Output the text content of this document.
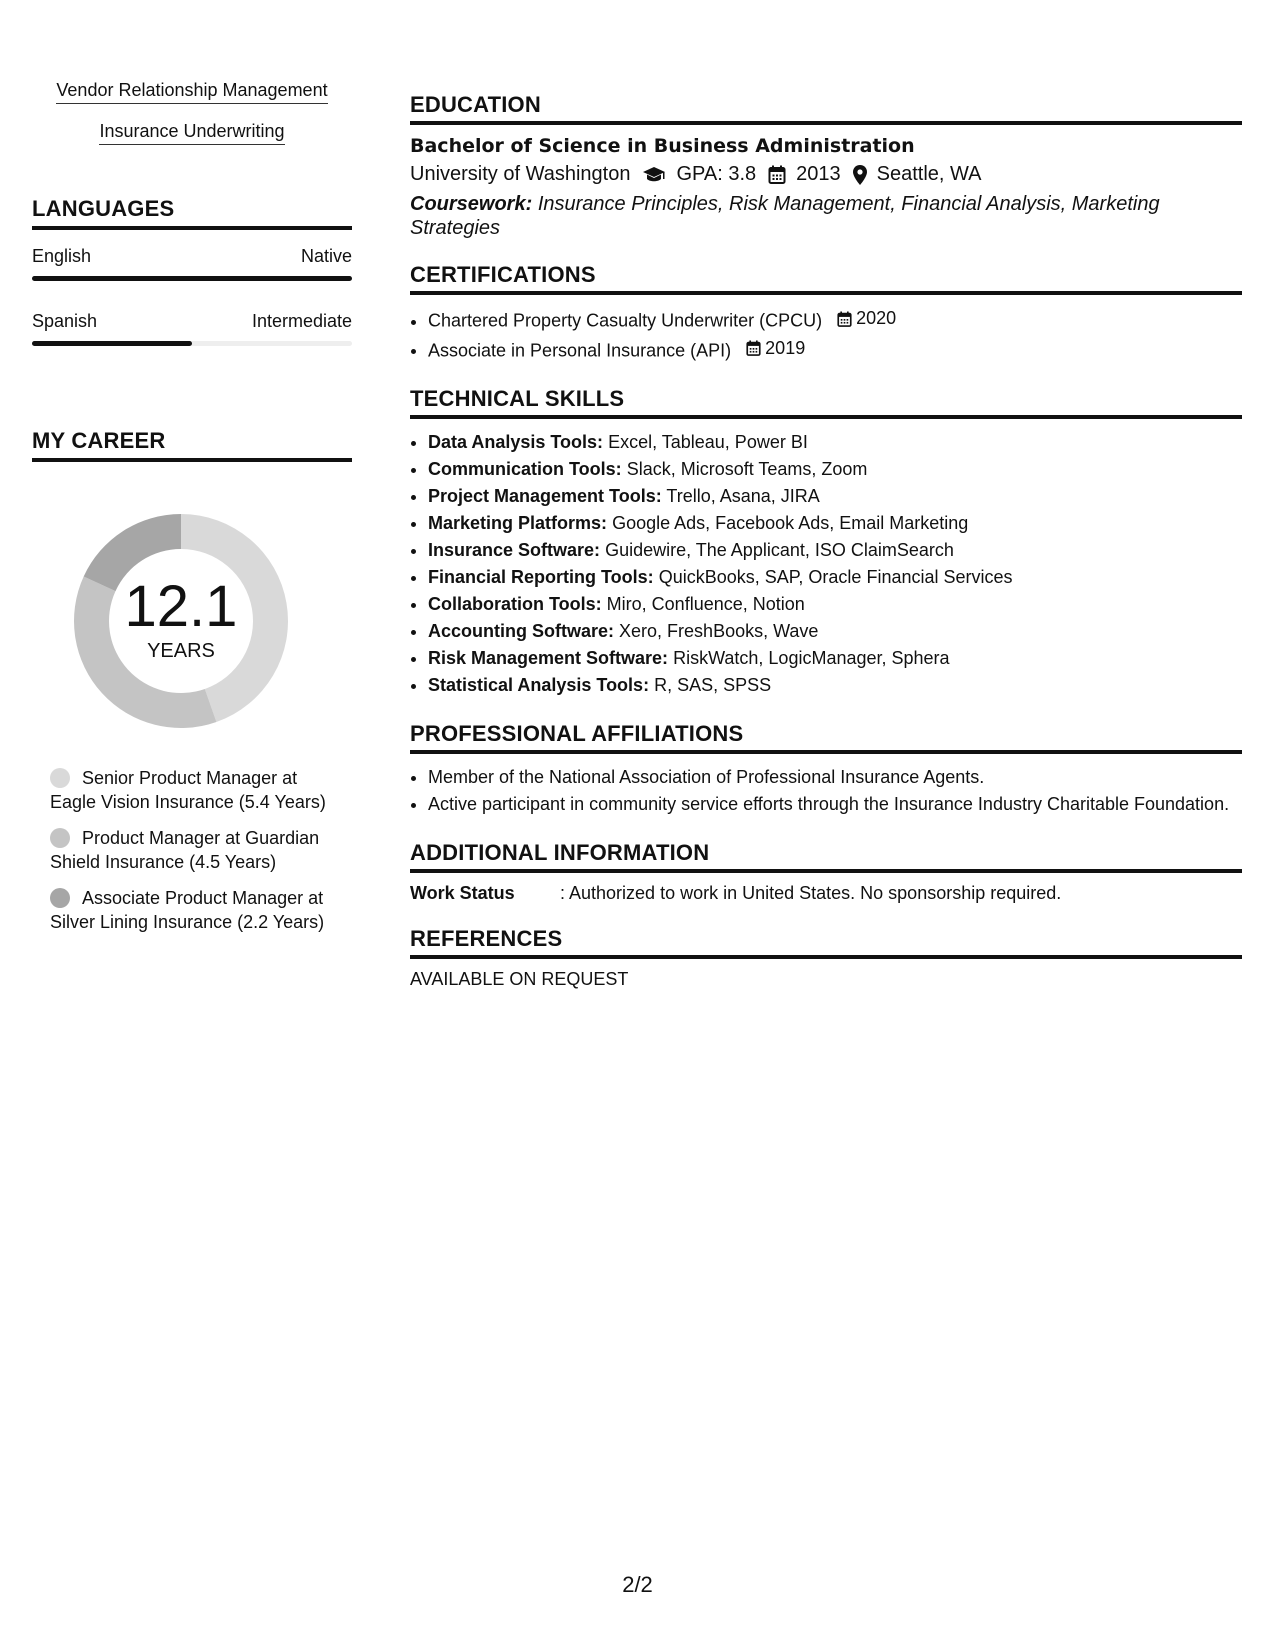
Vendor Relationship Management
Insurance Underwriting
LANGUAGES
English	Native
Spanish	Intermediate
MY CAREER
12.1
YEARS
Senior Product Manager at Eagle Vision Insurance (5.4 Years)
Product Manager at Guardian Shield Insurance (4.5 Years)
Associate Product Manager at Silver Lining Insurance (2.2 Years)
EDUCATION
Bachelor of Science in Business Administration
University of Washington GPA: 3.8 2013 Seattle, WA
Coursework: Insurance Principles, Risk Management, Financial Analysis, Marketing Strategies
CERTIFICATIONS
• Chartered Property Casualty Underwriter (CPCU) 2020
• Associate in Personal Insurance (API) 2019
TECHNICAL SKILLS
• Data Analysis Tools: Excel, Tableau, Power BI
• Communication Tools: Slack, Microsoft Teams, Zoom
• Project Management Tools: Trello, Asana, JIRA
• Marketing Platforms: Google Ads, Facebook Ads, Email Marketing
• Insurance Software: Guidewire, The Applicant, ISO ClaimSearch
• Financial Reporting Tools: QuickBooks, SAP, Oracle Financial Services
• Collaboration Tools: Miro, Confluence, Notion
• Accounting Software: Xero, FreshBooks, Wave
• Risk Management Software: RiskWatch, LogicManager, Sphera
• Statistical Analysis Tools: R, SAS, SPSS
PROFESSIONAL AFFILIATIONS
• Member of the National Association of Professional Insurance Agents.
• Active participant in community service efforts through the Insurance Industry Charitable Foundation.
ADDITIONAL INFORMATION
Work Status	: Authorized to work in United States. No sponsorship required.
REFERENCES
AVAILABLE ON REQUEST
2/2
